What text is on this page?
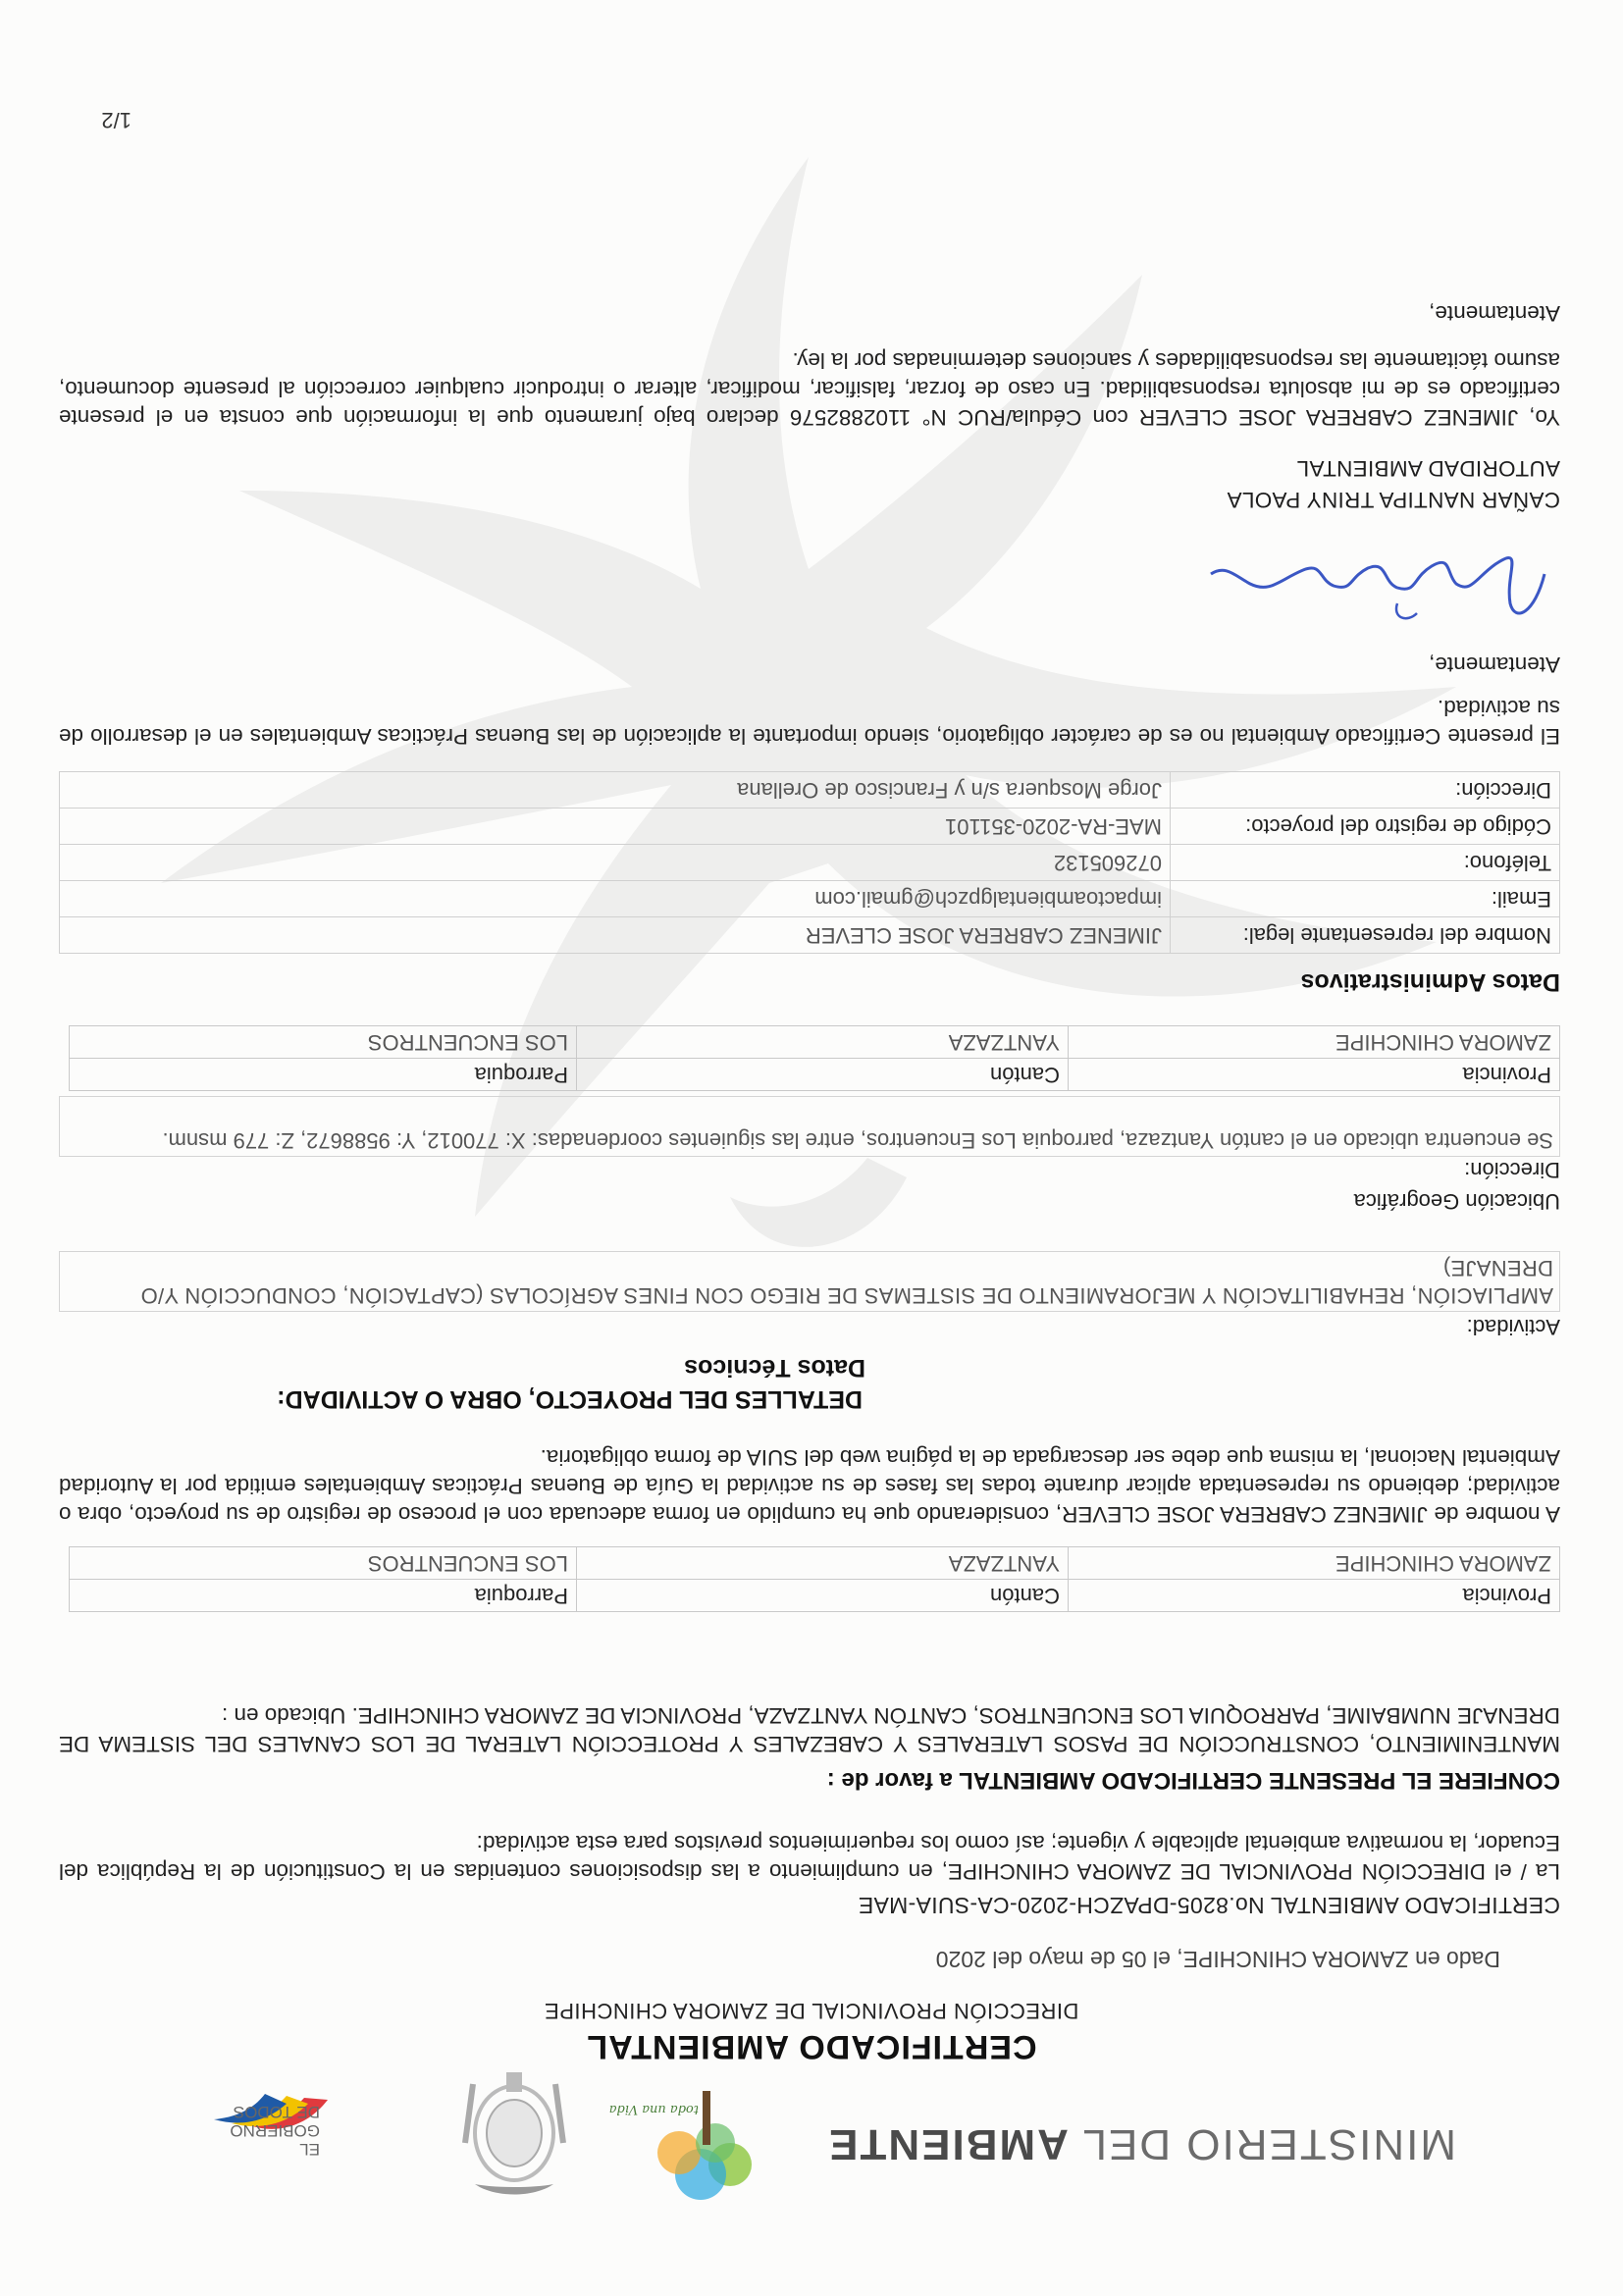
MINISTERIO DEL AMBIENTE
toda una Vida
EL
GOBIERNO
DE TODOS
CERTIFICADO AMBIENTAL
DIRECCIÓN PROVINCIAL DE ZAMORA CHINCHIPE
Dado en ZAMORA CHINCHIPE, el 05 de mayo del 2020
CERTIFICADO AMBIENTAL No.8205-DPAZCH-2020-CA-SUIA-MAE

La / el DIRECCIÓN PROVINCIAL DE ZAMORA CHINCHIPE, en cumplimiento a las disposiciones contenidas en la Constitución de la República del Ecuador, la normativa ambiental aplicable y vigente; así como los requerimientos previstos para esta actividad:

CONFIERE EL PRESENTE CERTIFICADO AMBIENTAL a favor de :

MANTENIMIENTO, CONSTRUCCIÓN DE PASOS LATERALES Y CABEZALES Y PROTECCIÓN LATERAL DE LOS CANALES DEL SISTEMA DE DRENAJE NUMBAIME, PARROQUIA LOS ENCUENTROS, CANTÓN YANTZAZA, PROVINCIA DE ZAMORA CHINCHIPE. Ubicado en :

Provincia	Cantón	Parroquia
ZAMORA CHINCHIPE	YANTZAZA	LOS ENCUENTROS

A nombre de JIMENEZ CABRERA JOSE CLEVER, considerando que ha cumplido en forma adecuada con el proceso de registro de su proyecto, obra o actividad; debiendo su representada aplicar durante todas las fases de su actividad la Guía de Buenas Prácticas Ambientales emitida por la Autoridad Ambiental Nacional, la misma que debe ser descargada de la página web del SUIA de forma obligatoria.

DETALLES DEL PROYECTO, OBRA O ACTIVIDAD:
Datos Técnicos
Actividad:
AMPLIACIÓN, REHABILITACIÓN Y MEJORAMIENTO DE SISTEMAS DE RIEGO CON FINES AGRÍCOLAS (CAPTACIÓN, CONDUCCIÓN Y/O DRENAJE)
Ubicación Geográfica
Dirección:
Se encuentra ubicado en el cantón Yantzaza, parroquia Los Encuentros, entre las siguientes coordenadas: X: 770012, Y: 9588672, Z: 779 msnm.
Provincia	Cantón	Parroquia
ZAMORA CHINCHIPE	YANTZAZA	LOS ENCUENTROS
Datos Administrativos
Nombre del representante legal:	JIMENEZ CABRERA JOSE CLEVER
Email:	impactoambientalgpzch@gmail.com
Teléfono:	072605132
Código de registro del proyecto:	MAE-RA-2020-351101
Dirección:	Jorge Mosquera s/n y Francisco de Orellana

El presente Certificado Ambiental no es de carácter obligatorio, siendo importante la aplicación de las Buenas Prácticas Ambientales en el desarrollo de su actividad.

Atentamente,
CAÑAR NANTIPA TRINY PAOLA
AUTORIDAD AMBIENTAL

Yo, JIMENEZ CABRERA JOSE CLEVER con Cédula/RUC N° 1102882576 declaro bajo juramento que la información que consta en el presente certificado es de mi absoluta responsabilidad. En caso de forzar, falsificar, modificar, alterar o introducir cualquier corrección al presente documento, asumo tácitamente las responsabilidades y sanciones determinadas por la ley.

Atentamente,
1/2
